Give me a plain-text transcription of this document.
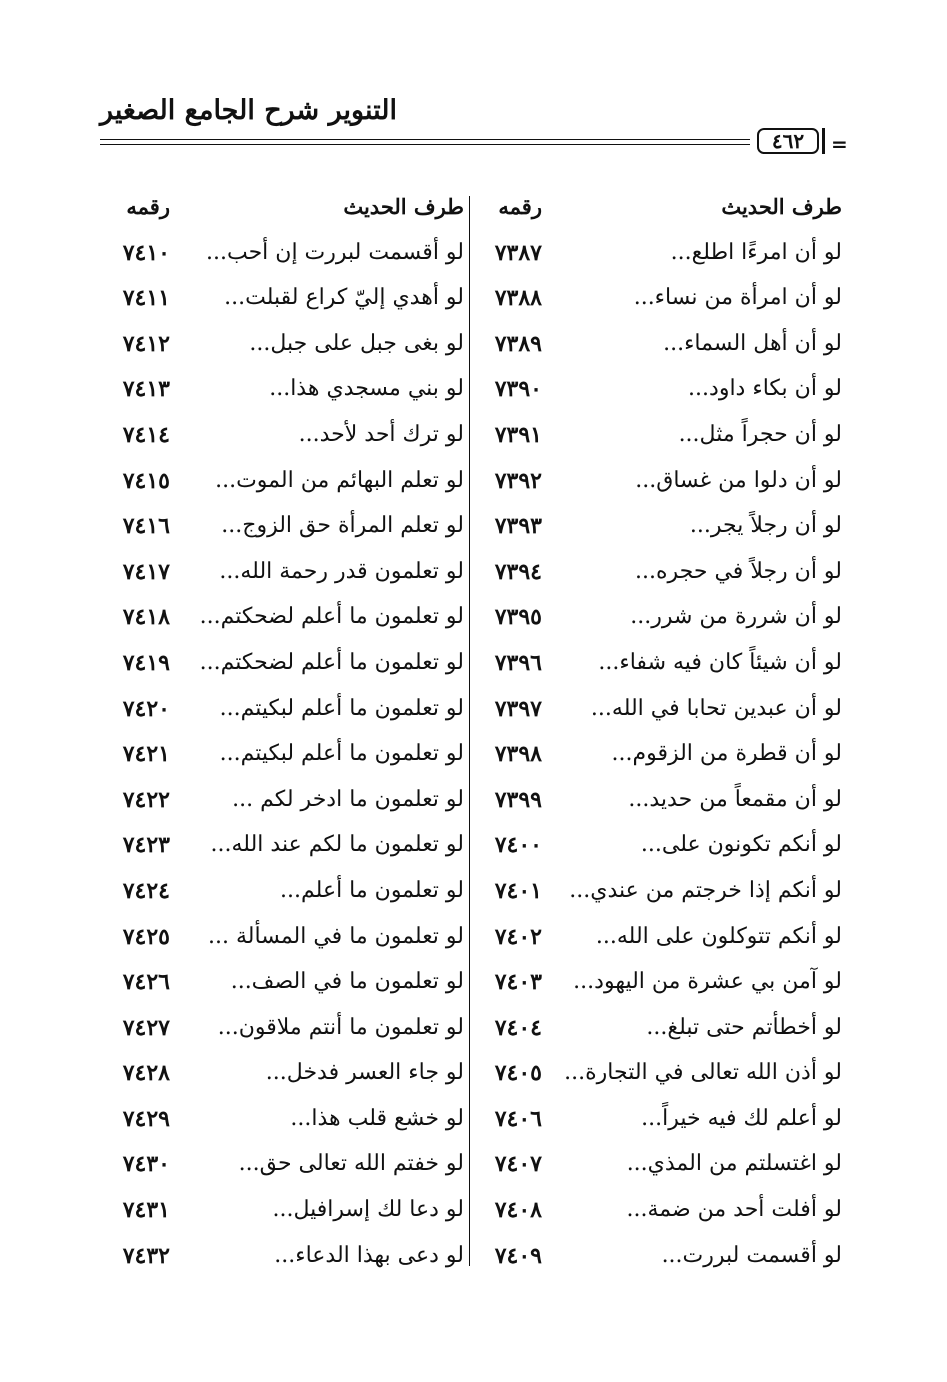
التنوير شرح الجامع الصغير
٤٦٢ =
طرف الحديث
رقمه
طرف الحديث
رقمه
لو أن امرءًا اطلع...
٧٣٨٧
لو أقسمت لبررت إن أحب...
٧٤١٠
لو أن امرأة من نساء...
٧٣٨٨
لو أهدي إليّ كراع لقبلت...
٧٤١١
لو أن أهل السماء...
٧٣٨٩
لو بغى جبل على جبل...
٧٤١٢
لو أن بكاء داود...
٧٣٩٠
لو بني مسجدي هذا...
٧٤١٣
لو أن حجراً مثل...
٧٣٩١
لو ترك أحد لأحد...
٧٤١٤
لو أن دلوا من غساق...
٧٣٩٢
لو تعلم البهائم من الموت...
٧٤١٥
لو أن رجلاً يجر...
٧٣٩٣
لو تعلم المرأة حق الزوج...
٧٤١٦
لو أن رجلاً في حجره...
٧٣٩٤
لو تعلمون قدر رحمة الله...
٧٤١٧
لو أن شررة من شرر...
٧٣٩٥
لو تعلمون ما أعلم لضحكتم...
٧٤١٨
لو أن شيئاً كان فيه شفاء...
٧٣٩٦
لو تعلمون ما أعلم لضحكتم...
٧٤١٩
لو أن عبدين تحابا في الله...
٧٣٩٧
لو تعلمون ما أعلم لبكيتم...
٧٤٢٠
لو أن قطرة من الزقوم...
٧٣٩٨
لو تعلمون ما أعلم لبكيتم...
٧٤٢١
لو أن مقمعاً من حديد...
٧٣٩٩
لو تعلمون ما ادخر لكم ...
٧٤٢٢
لو أنكم تكونون على...
٧٤٠٠
لو تعلمون ما لكم عند الله...
٧٤٢٣
لو أنكم إذا خرجتم من عندي...
٧٤٠١
لو تعلمون ما أعلم...
٧٤٢٤
لو أنكم تتوكلون على الله...
٧٤٠٢
لو تعلمون ما في المسألة ...
٧٤٢٥
لو آمن بي عشرة من اليهود...
٧٤٠٣
لو تعلمون ما في الصف...
٧٤٢٦
لو أخطأتم حتى تبلغ...
٧٤٠٤
لو تعلمون ما أنتم ملاقون...
٧٤٢٧
لو أذن الله تعالى في التجارة...
٧٤٠٥
لو جاء العسر فدخل...
٧٤٢٨
لو أعلم لك فيه خيراً...
٧٤٠٦
لو خشع قلب هذا...
٧٤٢٩
لو اغتسلتم من المذي...
٧٤٠٧
لو خفتم الله تعالى حق...
٧٤٣٠
لو أفلت أحد من ضمة...
٧٤٠٨
لو دعا لك إسرافيل...
٧٤٣١
لو أقسمت لبررت...
٧٤٠٩
لو دعى بهذا الدعاء...
٧٤٣٢
